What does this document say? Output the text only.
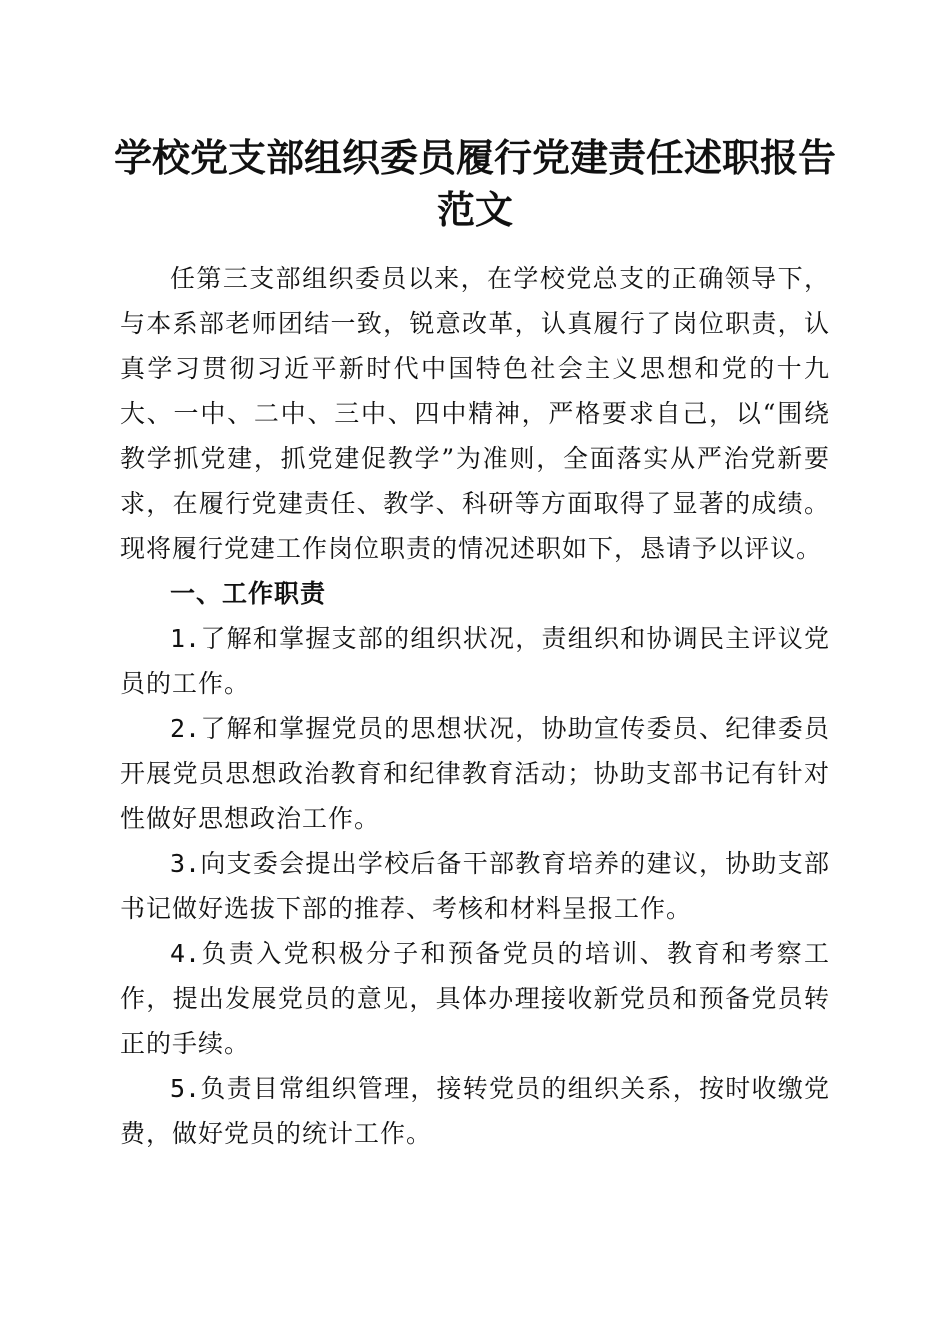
学校党支部组织委员履行党建责任述职报告范文

任第三支部组织委员以来，在学校党总支的正确领导下，与本系部老师团结一致，锐意改革，认真履行了岗位职责，认真学习贯彻习近平新时代中国特色社会主义思想和党的十九大、一中、二中、三中、四中精神，严格要求自己，以“围绕教学抓党建，抓党建促教学”为准则，全面落实从严治党新要求，在履行党建责任、教学、科研等方面取得了显著的成绩。现将履行党建工作岗位职责的情况述职如下，恳请予以评议。

一、工作职责

1.了解和掌握支部的组织状况，责组织和协调民主评议党员的工作。

2.了解和掌握党员的思想状况，协助宣传委员、纪律委员开展党员思想政治教育和纪律教育活动；协助支部书记有针对性做好思想政治工作。

3.向支委会提出学校后备干部教育培养的建议，协助支部书记做好选拔下部的推荐、考核和材料呈报工作。

4.负责入党积极分子和预备党员的培训、教育和考察工作，提出发展党员的意见，具体办理接收新党员和预备党员转正的手续。

5.负责目常组织管理，接转党员的组织关系，按时收缴党费，做好党员的统计工作。
